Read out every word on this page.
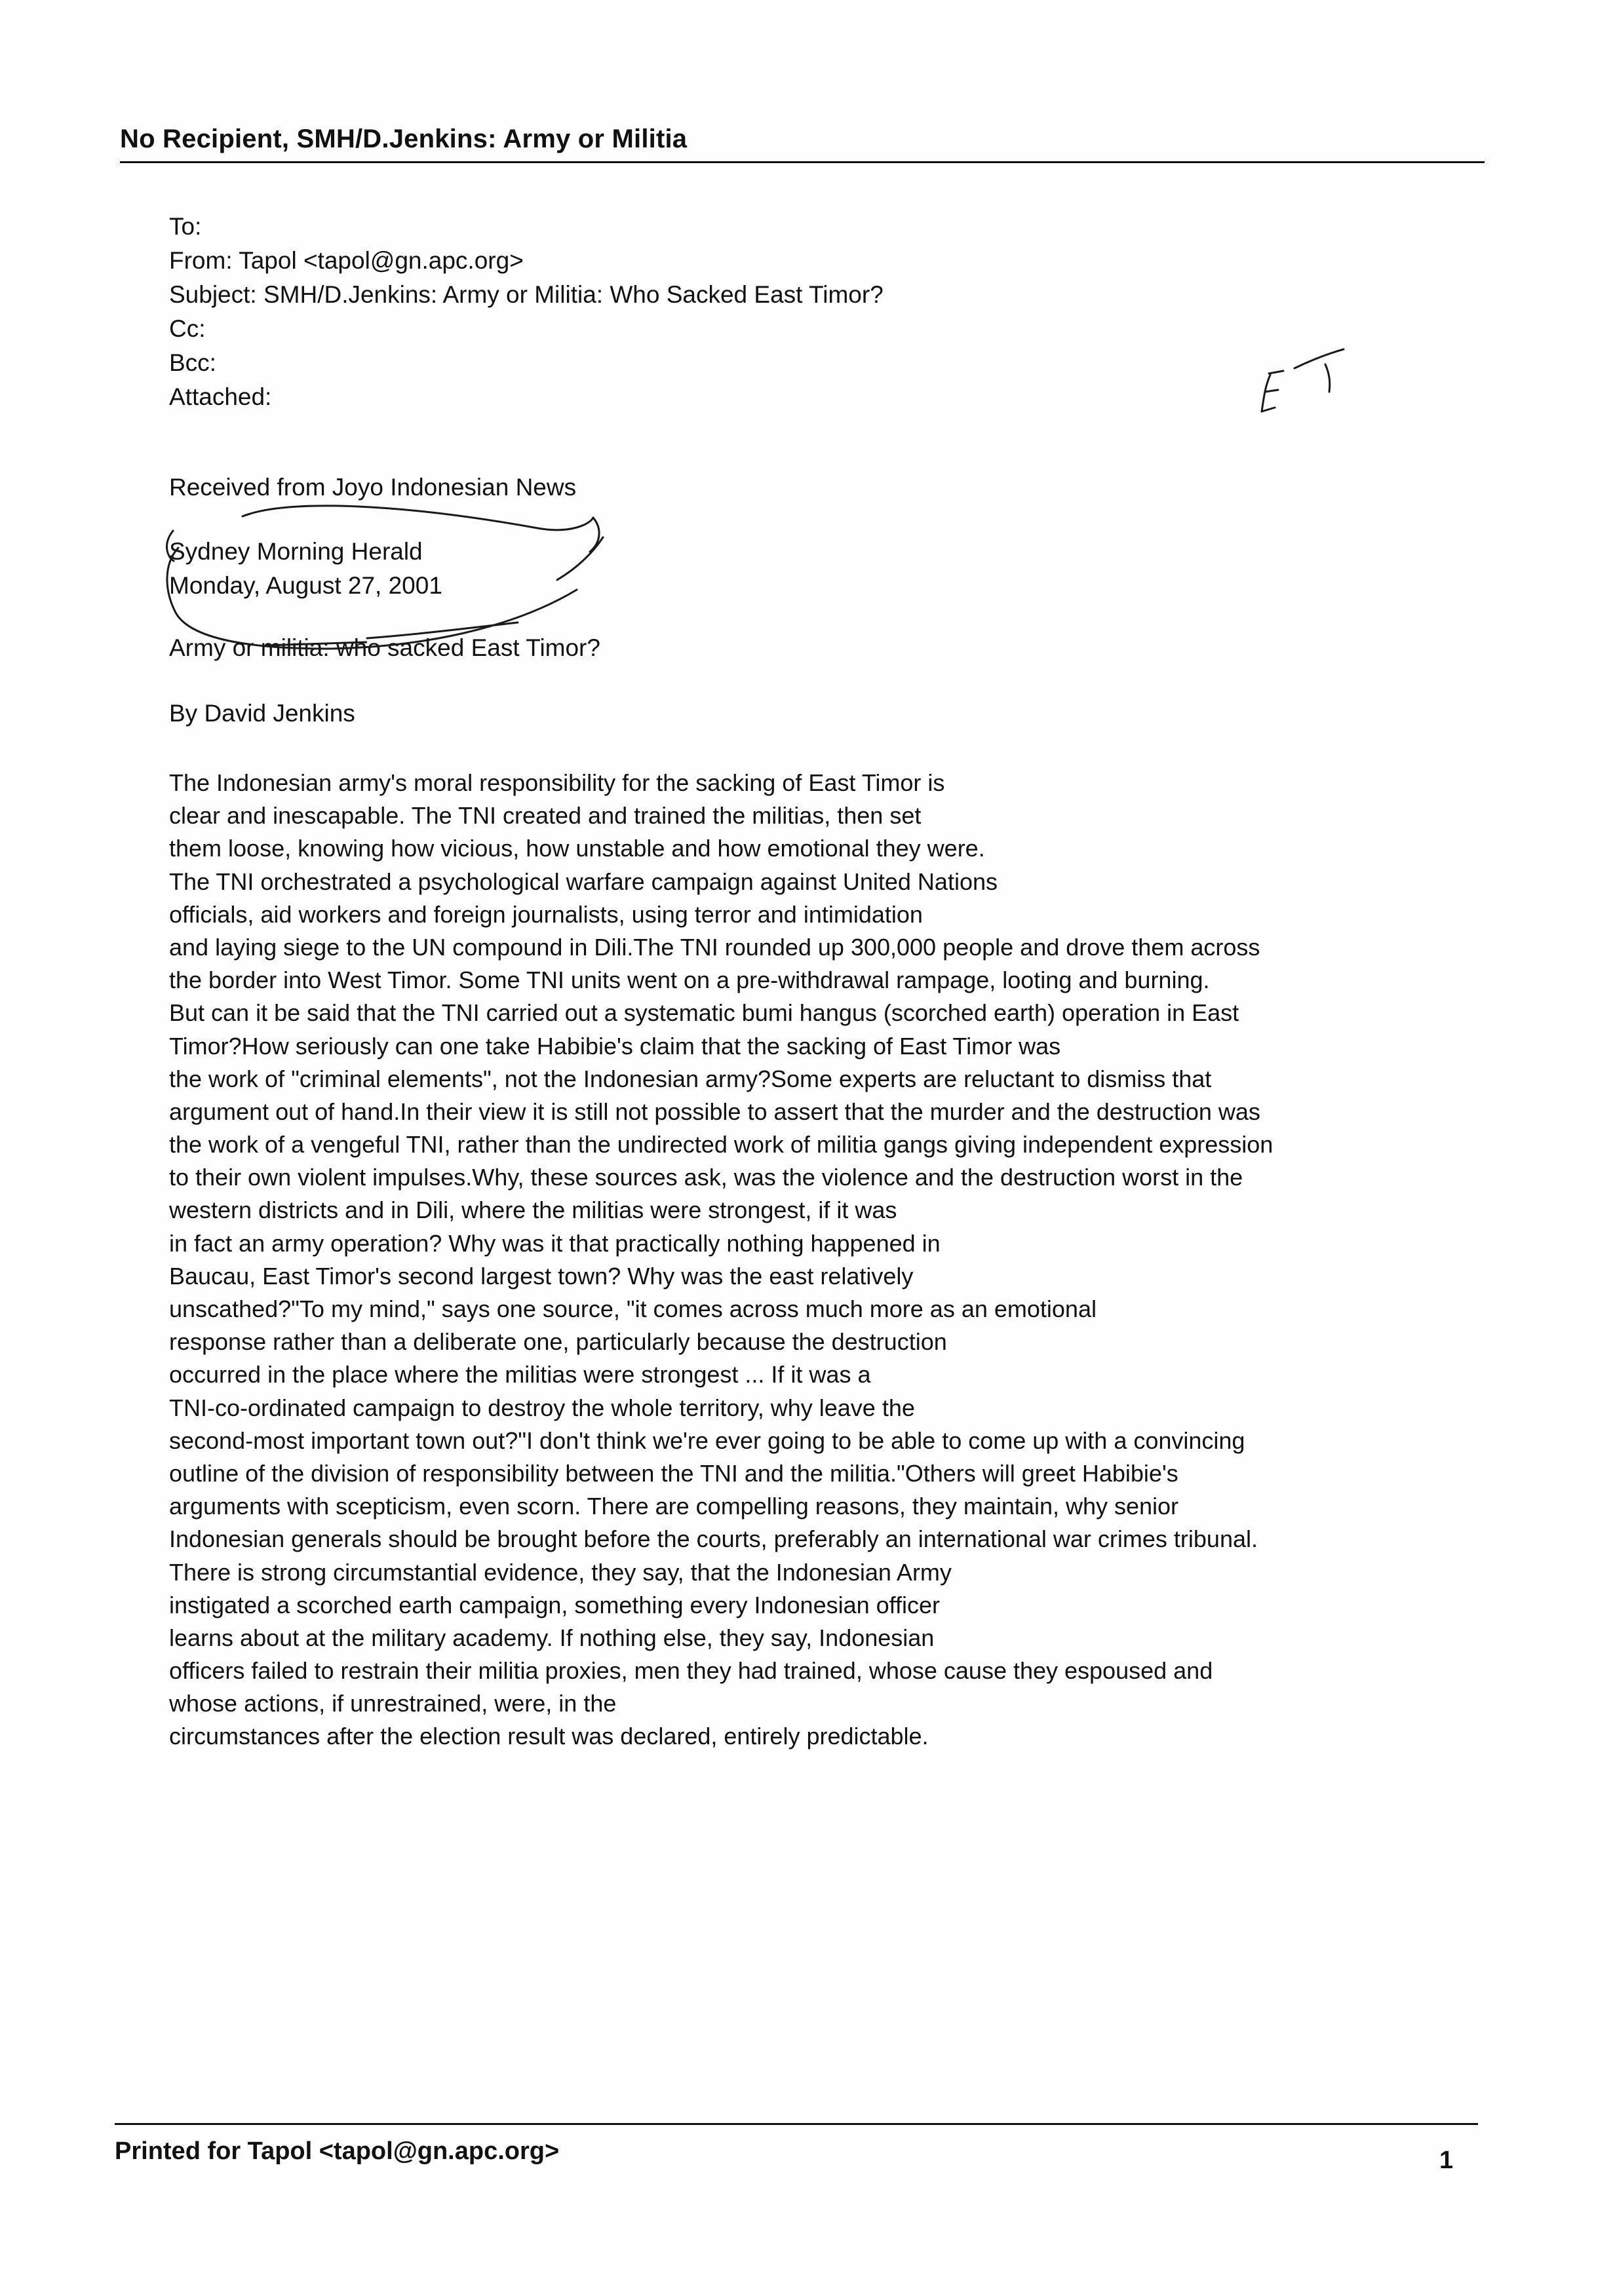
No Recipient, SMH/D.Jenkins: Army or Militia
To:
From: Tapol <tapol@gn.apc.org>
Subject: SMH/D.Jenkins: Army or Militia: Who Sacked East Timor?
Cc:
Bcc:
Attached:
Received from Joyo Indonesian News
Sydney Morning Herald
Monday, August 27, 2001
Army or militia: who sacked East Timor?
By David Jenkins
The Indonesian army's moral responsibility for the sacking of East Timor is
clear and inescapable. The TNI created and trained the militias, then set
them loose, knowing how vicious, how unstable and how emotional they were.
The TNI orchestrated a psychological warfare campaign against United Nations
officials, aid workers and foreign journalists, using terror and intimidation
and laying siege to the UN compound in Dili.The TNI rounded up 300,000 people and drove them across
the border into West Timor. Some TNI units went on a pre-withdrawal rampage, looting and burning.
But can it be said that the TNI carried out a systematic bumi hangus (scorched earth) operation in East
Timor?How seriously can one take Habibie's claim that the sacking of East Timor was
the work of "criminal elements", not the Indonesian army?Some experts are reluctant to dismiss that
argument out of hand.In their view it is still not possible to assert that the murder and the destruction was
the work of a vengeful TNI, rather than the undirected work of militia gangs giving independent expression
to their own violent impulses.Why, these sources ask, was the violence and the destruction worst in the
western districts and in Dili, where the militias were strongest, if it was
in fact an army operation? Why was it that practically nothing happened in
Baucau, East Timor's second largest town? Why was the east relatively
unscathed?"To my mind," says one source, "it comes across much more as an emotional
response rather than a deliberate one, particularly because the destruction
occurred in the place where the militias were strongest ... If it was a
TNI-co-ordinated campaign to destroy the whole territory, why leave the
second-most important town out?"I don't think we're ever going to be able to come up with a convincing
outline of the division of responsibility between the TNI and the militia."Others will greet Habibie's
arguments with scepticism, even scorn. There are compelling reasons, they maintain, why senior
Indonesian generals should be brought before the courts, preferably an international war crimes tribunal.
There is strong circumstantial evidence, they say, that the Indonesian Army
instigated a scorched earth campaign, something every Indonesian officer
learns about at the military academy. If nothing else, they say, Indonesian
officers failed to restrain their militia proxies, men they had trained, whose cause they espoused and
whose actions, if unrestrained, were, in the
circumstances after the election result was declared, entirely predictable.
Printed for Tapol <tapol@gn.apc.org>	1
